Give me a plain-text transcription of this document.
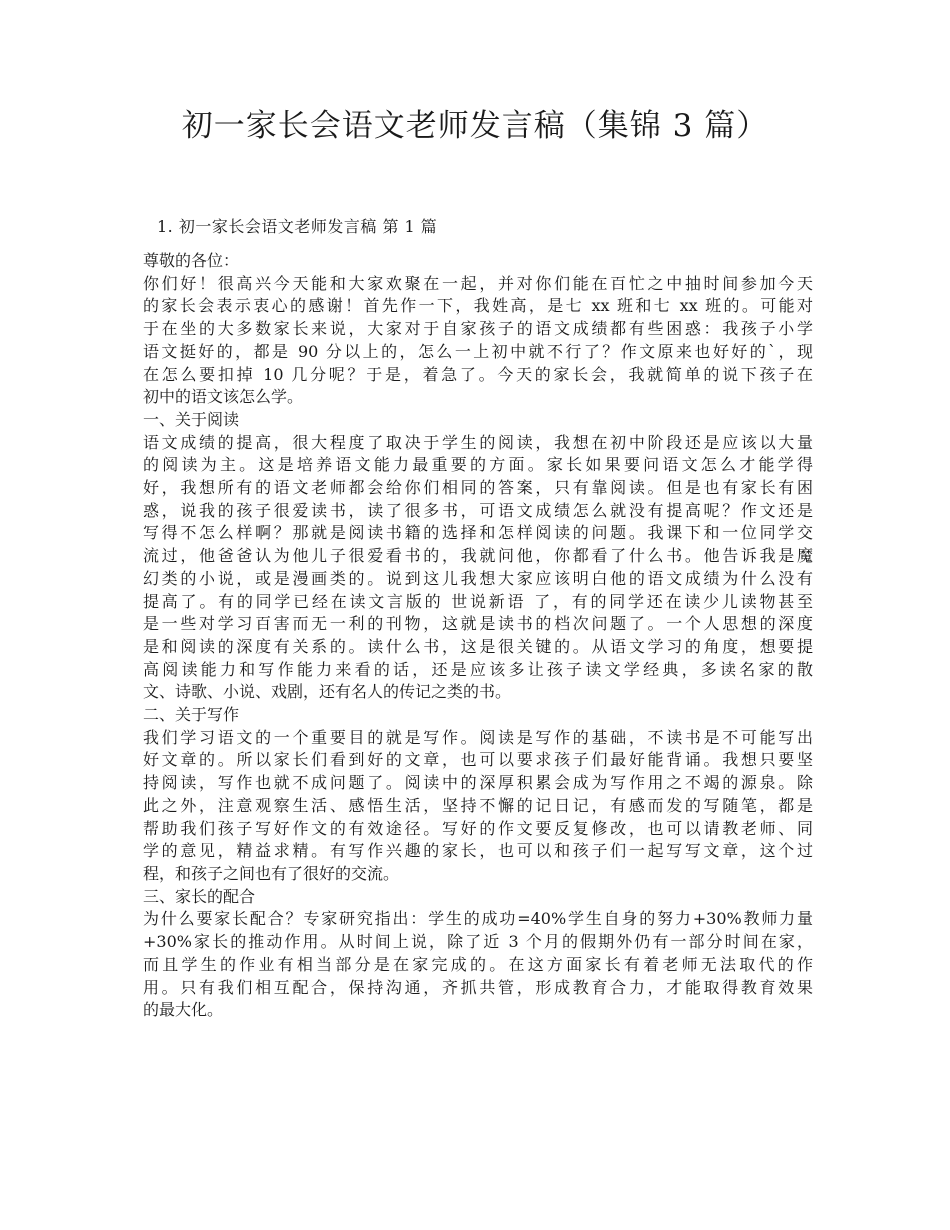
初一家长会语文老师发言稿（集锦 3 篇）
1. 初一家长会语文老师发言稿 第 1 篇
尊敬的各位：
你们好！很高兴今天能和大家欢聚在一起，并对你们能在百忙之中抽时间参加今天
的家长会表示衷心的感谢！首先作一下，我姓高，是七 xx 班和七 xx 班的。可能对
于在坐的大多数家长来说，大家对于自家孩子的语文成绩都有些困惑：我孩子小学
语文挺好的，都是 90 分以上的，怎么一上初中就不行了？作文原来也好好的`，现
在怎么要扣掉 10 几分呢？于是，着急了。今天的家长会，我就简单的说下孩子在
初中的语文该怎么学。
一、关于阅读
语文成绩的提高，很大程度了取决于学生的阅读，我想在初中阶段还是应该以大量
的阅读为主。这是培养语文能力最重要的方面。家长如果要问语文怎么才能学得
好，我想所有的语文老师都会给你们相同的答案，只有靠阅读。但是也有家长有困
惑，说我的孩子很爱读书，读了很多书，可语文成绩怎么就没有提高呢？作文还是
写得不怎么样啊？那就是阅读书籍的选择和怎样阅读的问题。我课下和一位同学交
流过，他爸爸认为他儿子很爱看书的，我就问他，你都看了什么书。他告诉我是魔
幻类的小说，或是漫画类的。说到这儿我想大家应该明白他的语文成绩为什么没有
提高了。有的同学已经在读文言版的 世说新语 了，有的同学还在读少儿读物甚至
是一些对学习百害而无一利的刊物，这就是读书的档次问题了。一个人思想的深度
是和阅读的深度有关系的。读什么书，这是很关键的。从语文学习的角度，想要提
高阅读能力和写作能力来看的话，还是应该多让孩子读文学经典，多读名家的散
文、诗歌、小说、戏剧，还有名人的传记之类的书。
二、关于写作
我们学习语文的一个重要目的就是写作。阅读是写作的基础，不读书是不可能写出
好文章的。所以家长们看到好的文章，也可以要求孩子们最好能背诵。我想只要坚
持阅读，写作也就不成问题了。阅读中的深厚积累会成为写作用之不竭的源泉。除
此之外，注意观察生活、感悟生活，坚持不懈的记日记，有感而发的写随笔，都是
帮助我们孩子写好作文的有效途径。写好的作文要反复修改，也可以请教老师、同
学的意见，精益求精。有写作兴趣的家长，也可以和孩子们一起写写文章，这个过
程，和孩子之间也有了很好的交流。
三、家长的配合
为什么要家长配合？专家研究指出：学生的成功=40%学生自身的努力+30%教师力量
+30%家长的推动作用。从时间上说，除了近 3 个月的假期外仍有一部分时间在家，
而且学生的作业有相当部分是在家完成的。在这方面家长有着老师无法取代的作
用。只有我们相互配合，保持沟通，齐抓共管，形成教育合力，才能取得教育效果
的最大化。
